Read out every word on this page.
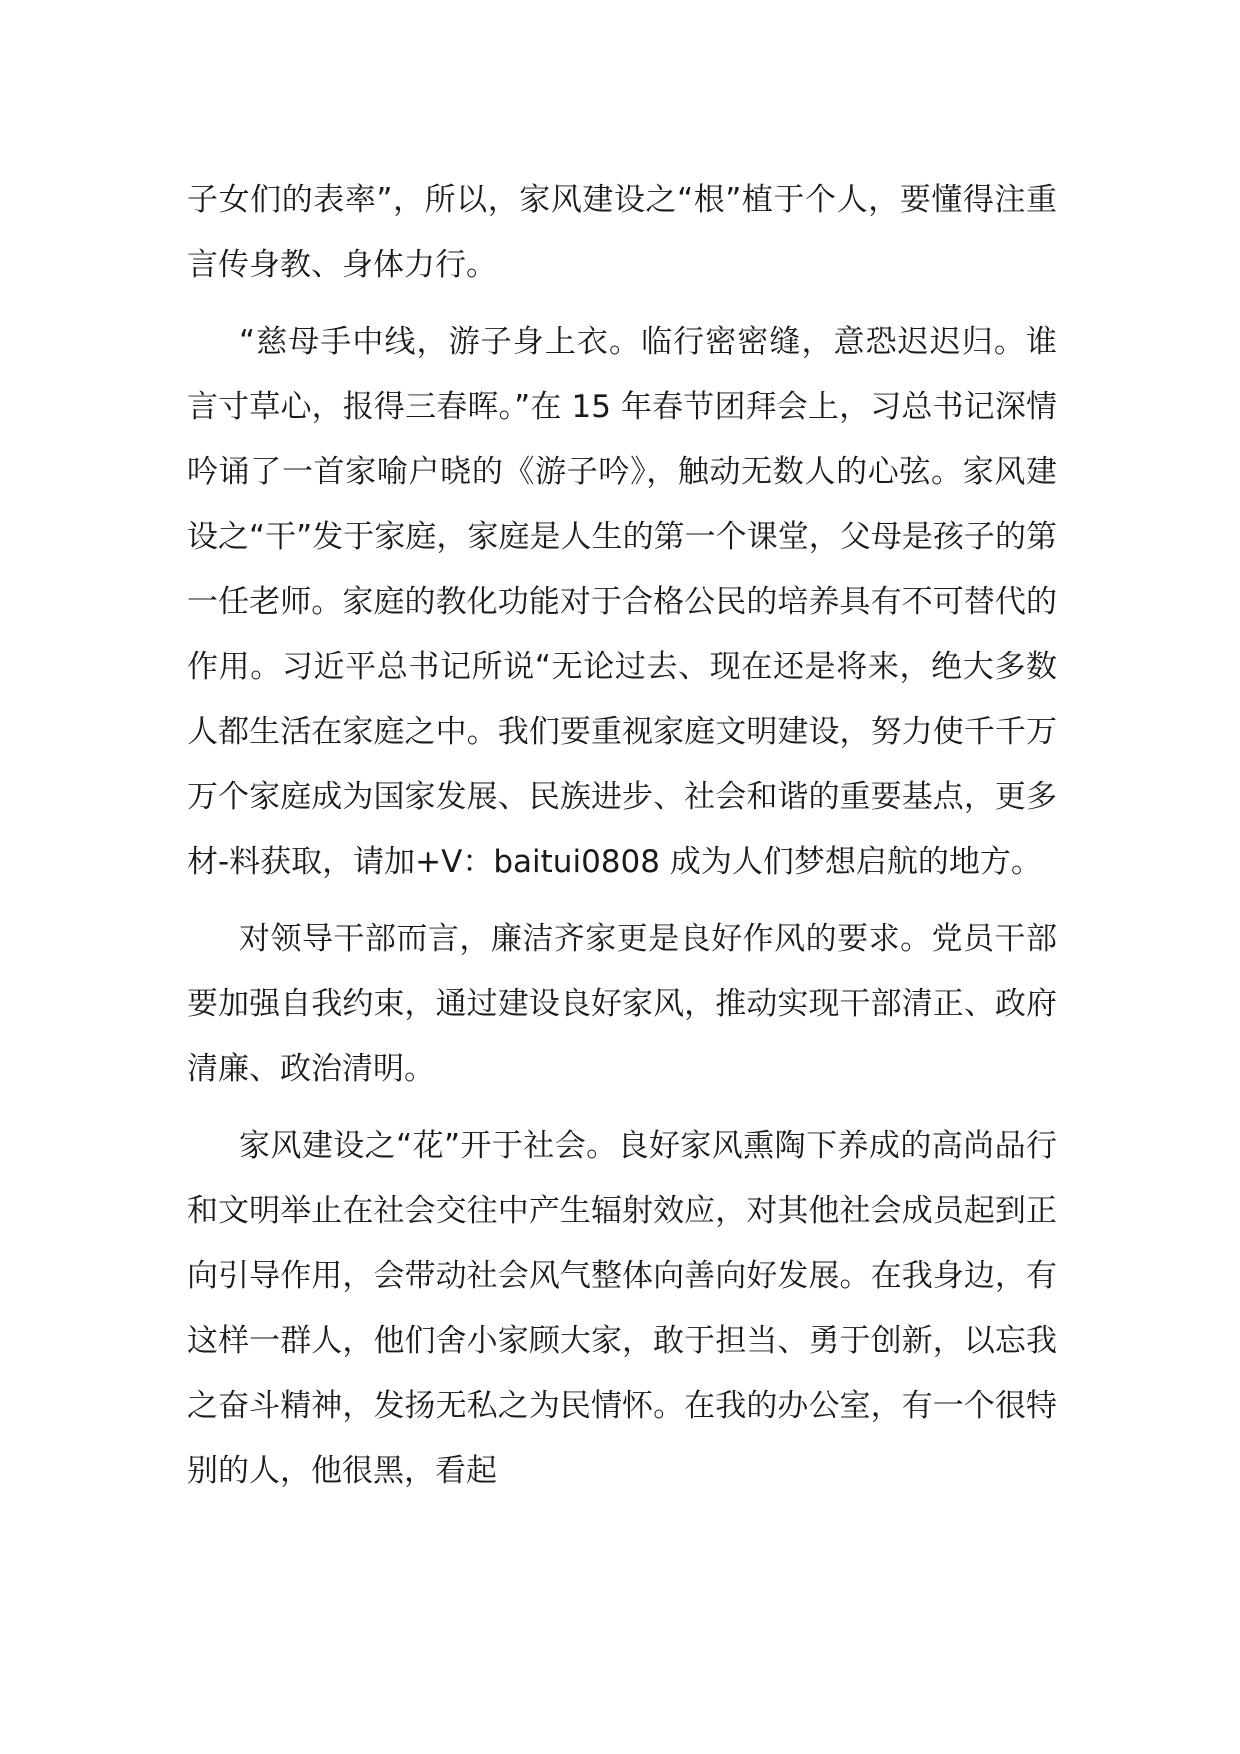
子女们的表率”，所以，家风建设之“根”植于个人，要懂得注重言传身教、身体力行。

“慈母手中线，游子身上衣。临行密密缝，意恐迟迟归。谁言寸草心，报得三春晖。”在 15 年春节团拜会上，习总书记深情吟诵了一首家喻户晓的《游子吟》，触动无数人的心弦。家风建设之“干”发于家庭，家庭是人生的第一个课堂，父母是孩子的第一任老师。家庭的教化功能对于合格公民的培养具有不可替代的作用。习近平总书记所说“无论过去、现在还是将来，绝大多数人都生活在家庭之中。我们要重视家庭文明建设，努力使千千万万个家庭成为国家发展、民族进步、社会和谐的重要基点，更多材-料获取，请加+V：baitui0808 成为人们梦想启航的地方。

对领导干部而言，廉洁齐家更是良好作风的要求。党员干部要加强自我约束，通过建设良好家风，推动实现干部清正、政府清廉、政治清明。

家风建设之“花”开于社会。良好家风熏陶下养成的高尚品行和文明举止在社会交往中产生辐射效应，对其他社会成员起到正向引导作用，会带动社会风气整体向善向好发展。在我身边，有这样一群人，他们舍小家顾大家，敢于担当、勇于创新，以忘我之奋斗精神，发扬无私之为民情怀。在我的办公室，有一个很特别的人，他很黑，看起
